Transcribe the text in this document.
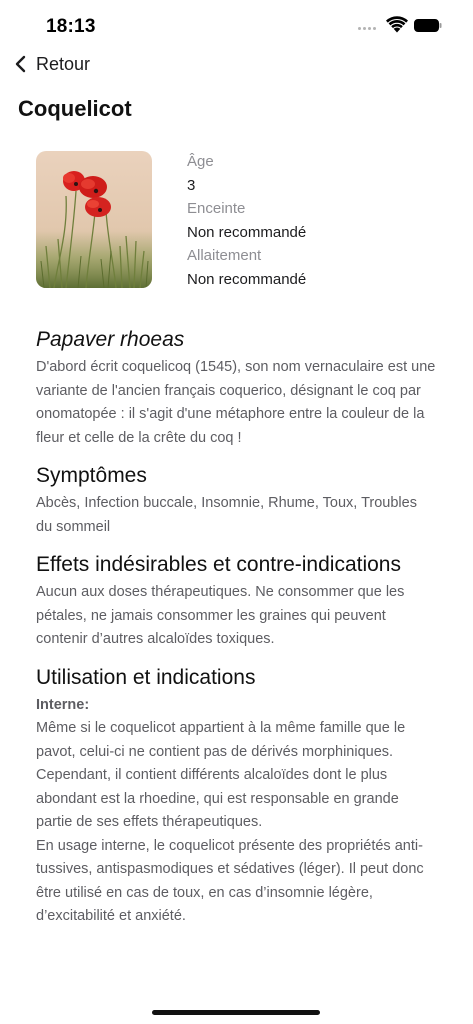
18:13
Retour
Coquelicot
Âge
3
Enceinte
Non recommandé
Allaitement
Non recommandé
Papaver rhoeas

D'abord écrit coquelicoq (1545), son nom vernaculaire est une variante de l'ancien français coquerico, désignant le coq par onomatopée : il s'agit d'une métaphore entre la couleur de la fleur et celle de la crête du coq !

Symptômes

Abcès, Infection buccale, Insomnie, Rhume, Toux, Troubles du sommeil

Effets indésirables et contre-indications

Aucun aux doses thérapeutiques. Ne consommer que les pétales, ne jamais consommer les graines qui peuvent contenir d’autres alcaloïdes toxiques.

Utilisation et indications
Interne:

Même si le coquelicot appartient à la même famille que le pavot, celui-ci ne contient pas de dérivés morphiniques. Cependant, il contient différents alcaloïdes dont le plus abondant est la rhoedine, qui est responsable en grande partie de ses effets thérapeutiques.

En usage interne, le coquelicot présente des propriétés anti-tussives, antispasmodiques et sédatives (léger). Il peut donc être utilisé en cas de toux, en cas d’insomnie légère, d’excitabilité et anxiété.
